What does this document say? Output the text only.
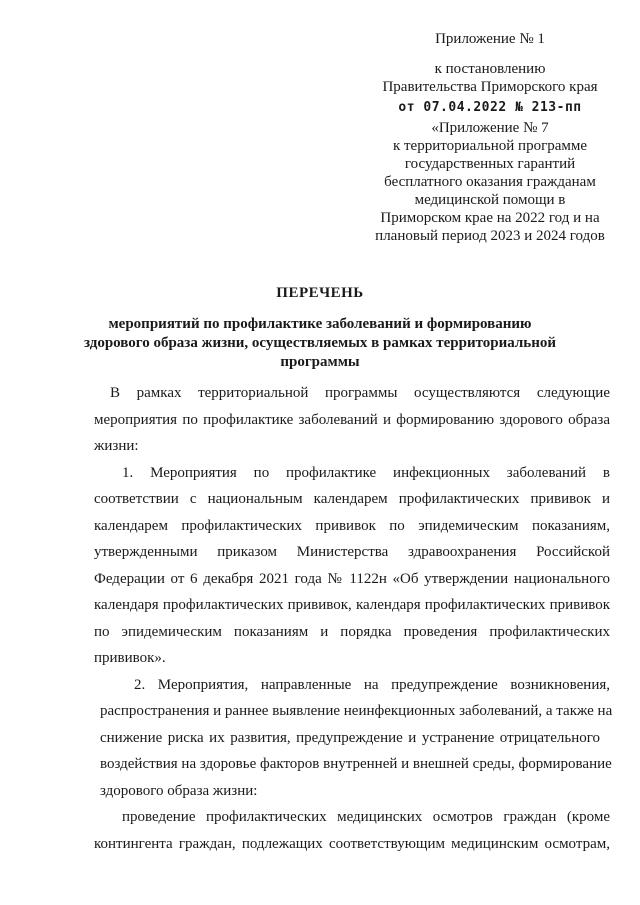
Приложение № 1
к постановлению
Правительства Приморского края
от 07.04.2022 № 213-пп
«Приложение № 7
к территориальной программе
государственных гарантий
бесплатного оказания гражданам
медицинской помощи в
Приморском крае на 2022 год и на
плановый период 2023 и 2024 годов
ПЕРЕЧЕНЬ
мероприятий по профилактике заболеваний и формированию
здорового образа жизни, осуществляемых в рамках территориальной
программы
В рамках территориальной программы осуществляются следующие
мероприятия по профилактике заболеваний и формированию здорового образа
жизни:
1. Мероприятия по профилактике инфекционных заболеваний в
соответствии с национальным календарем профилактических прививок и
календарем профилактических прививок по эпидемическим показаниям,
утвержденными приказом Министерства здравоохранения Российской
Федерации от 6 декабря 2021 года № 1122н «Об утверждении национального
календаря профилактических прививок, календаря профилактических прививок
по эпидемическим показаниям и порядка проведения профилактических
прививок».
2. Мероприятия, направленные на предупреждение возникновения,
распространения и раннее выявление неинфекционных заболеваний, а также на
снижение риска их развития, предупреждение и устранение отрицательного
воздействия на здоровье факторов внутренней и внешней среды, формирование
здорового образа жизни:
проведение профилактических медицинских осмотров граждан (кроме
контингента граждан, подлежащих соответствующим медицинским осмотрам,
